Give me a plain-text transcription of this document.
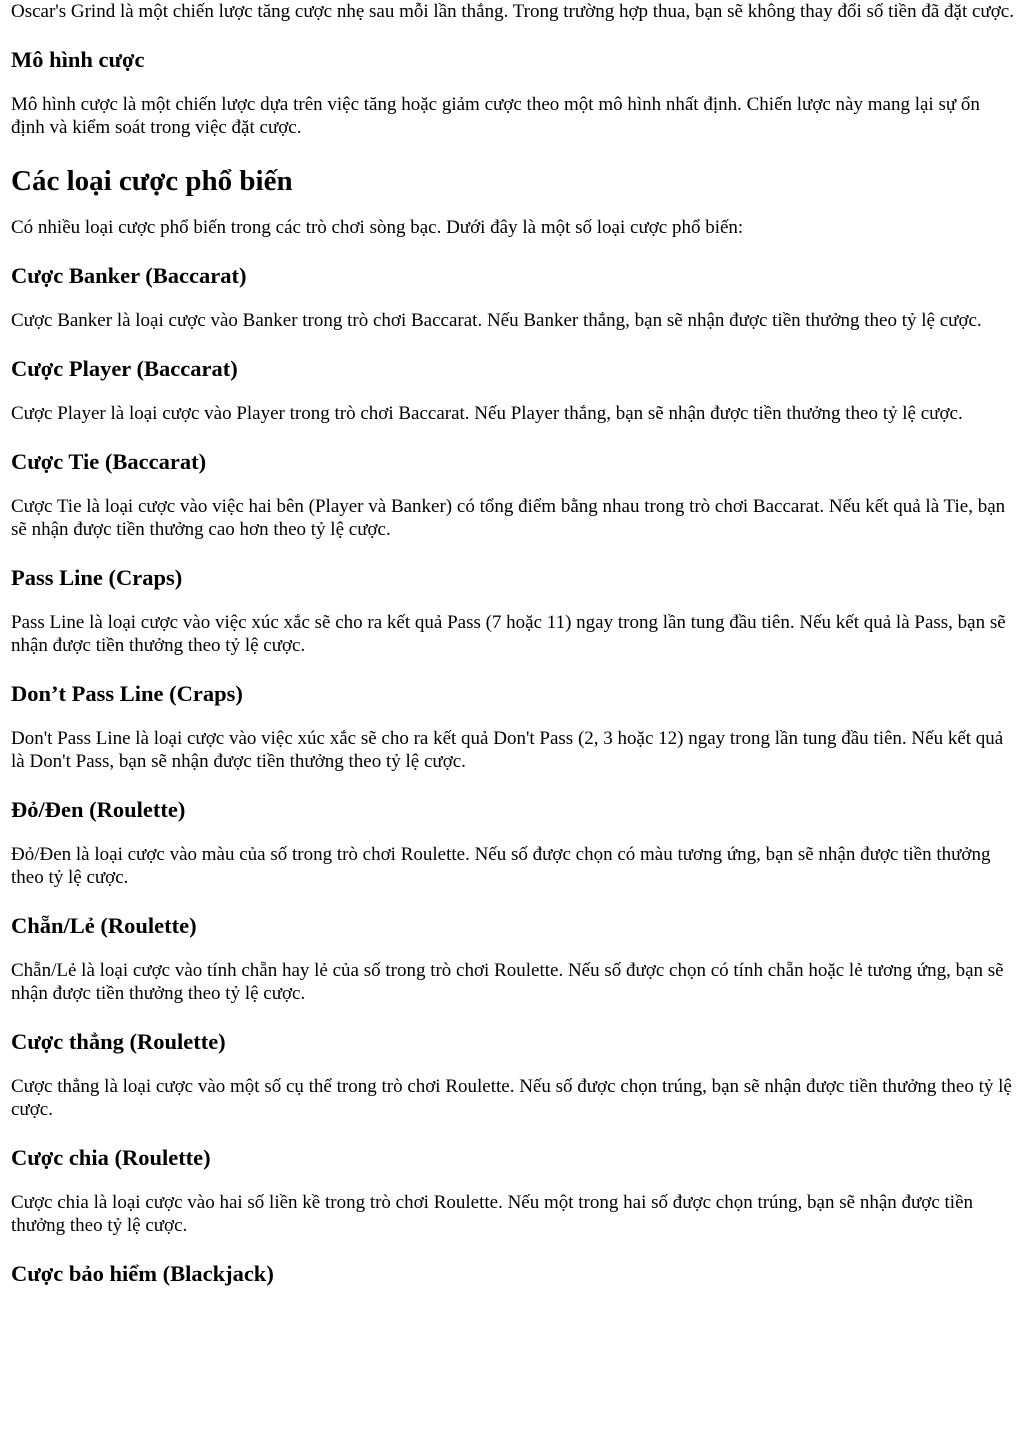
Oscar's Grind là một chiến lược tăng cược nhẹ sau mỗi lần thắng. Trong trường hợp thua, bạn sẽ không thay đổi số tiền đã đặt cược.

Mô hình cược

Mô hình cược là một chiến lược dựa trên việc tăng hoặc giảm cược theo một mô hình nhất định. Chiến lược này mang lại sự ổn định và kiểm soát trong việc đặt cược.

Các loại cược phổ biến

Có nhiều loại cược phổ biến trong các trò chơi sòng bạc. Dưới đây là một số loại cược phổ biến:

Cược Banker (Baccarat)

Cược Banker là loại cược vào Banker trong trò chơi Baccarat. Nếu Banker thắng, bạn sẽ nhận được tiền thưởng theo tỷ lệ cược.

Cược Player (Baccarat)

Cược Player là loại cược vào Player trong trò chơi Baccarat. Nếu Player thắng, bạn sẽ nhận được tiền thưởng theo tỷ lệ cược.

Cược Tie (Baccarat)

Cược Tie là loại cược vào việc hai bên (Player và Banker) có tổng điểm bằng nhau trong trò chơi Baccarat. Nếu kết quả là Tie, bạn sẽ nhận được tiền thưởng cao hơn theo tỷ lệ cược.

Pass Line (Craps)

Pass Line là loại cược vào việc xúc xắc sẽ cho ra kết quả Pass (7 hoặc 11) ngay trong lần tung đầu tiên. Nếu kết quả là Pass, bạn sẽ nhận được tiền thưởng theo tỷ lệ cược.

Don’t Pass Line (Craps)

Don't Pass Line là loại cược vào việc xúc xắc sẽ cho ra kết quả Don't Pass (2, 3 hoặc 12) ngay trong lần tung đầu tiên. Nếu kết quả là Don't Pass, bạn sẽ nhận được tiền thưởng theo tỷ lệ cược.

Đỏ/Đen (Roulette)

Đỏ/Đen là loại cược vào màu của số trong trò chơi Roulette. Nếu số được chọn có màu tương ứng, bạn sẽ nhận được tiền thưởng theo tỷ lệ cược.

Chẵn/Lẻ (Roulette)

Chẵn/Lẻ là loại cược vào tính chẵn hay lẻ của số trong trò chơi Roulette. Nếu số được chọn có tính chẵn hoặc lẻ tương ứng, bạn sẽ nhận được tiền thưởng theo tỷ lệ cược.

Cược thẳng (Roulette)

Cược thẳng là loại cược vào một số cụ thể trong trò chơi Roulette. Nếu số được chọn trúng, bạn sẽ nhận được tiền thưởng theo tỷ lệ cược.

Cược chia (Roulette)

Cược chia là loại cược vào hai số liền kề trong trò chơi Roulette. Nếu một trong hai số được chọn trúng, bạn sẽ nhận được tiền thưởng theo tỷ lệ cược.

Cược bảo hiểm (Blackjack)
